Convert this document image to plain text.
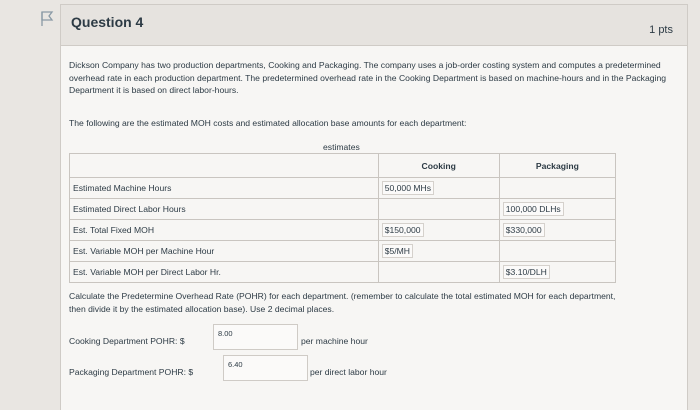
Question 4	1 pts
Dickson Company has two production departments, Cooking and Packaging. The company uses a job-order costing system and computes a predetermined overhead rate in each production department. The predetermined overhead rate in the Cooking Department is based on machine-hours and in the Packaging Department it is based on direct labor-hours.
The following are the estimated MOH costs and estimated allocation base amounts for each department:
estimates
	Cooking	Packaging
Estimated Machine Hours	50,000 MHs	
Estimated Direct Labor Hours		100,000 DLHs
Est. Total Fixed MOH	$150,000	$330,000
Est. Variable MOH per Machine Hour	$5/MH	
Est. Variable MOH per Direct Labor Hr.		$3.10/DLH
Calculate the Predetermine Overhead Rate (POHR) for each department. (remember to calculate the total estimated MOH for each department, then divide it by the estimated allocation base). Use 2 decimal places.
Cooking Department POHR: $
8.00
per machine hour
Packaging Department POHR: $
6.40
per direct labor hour
